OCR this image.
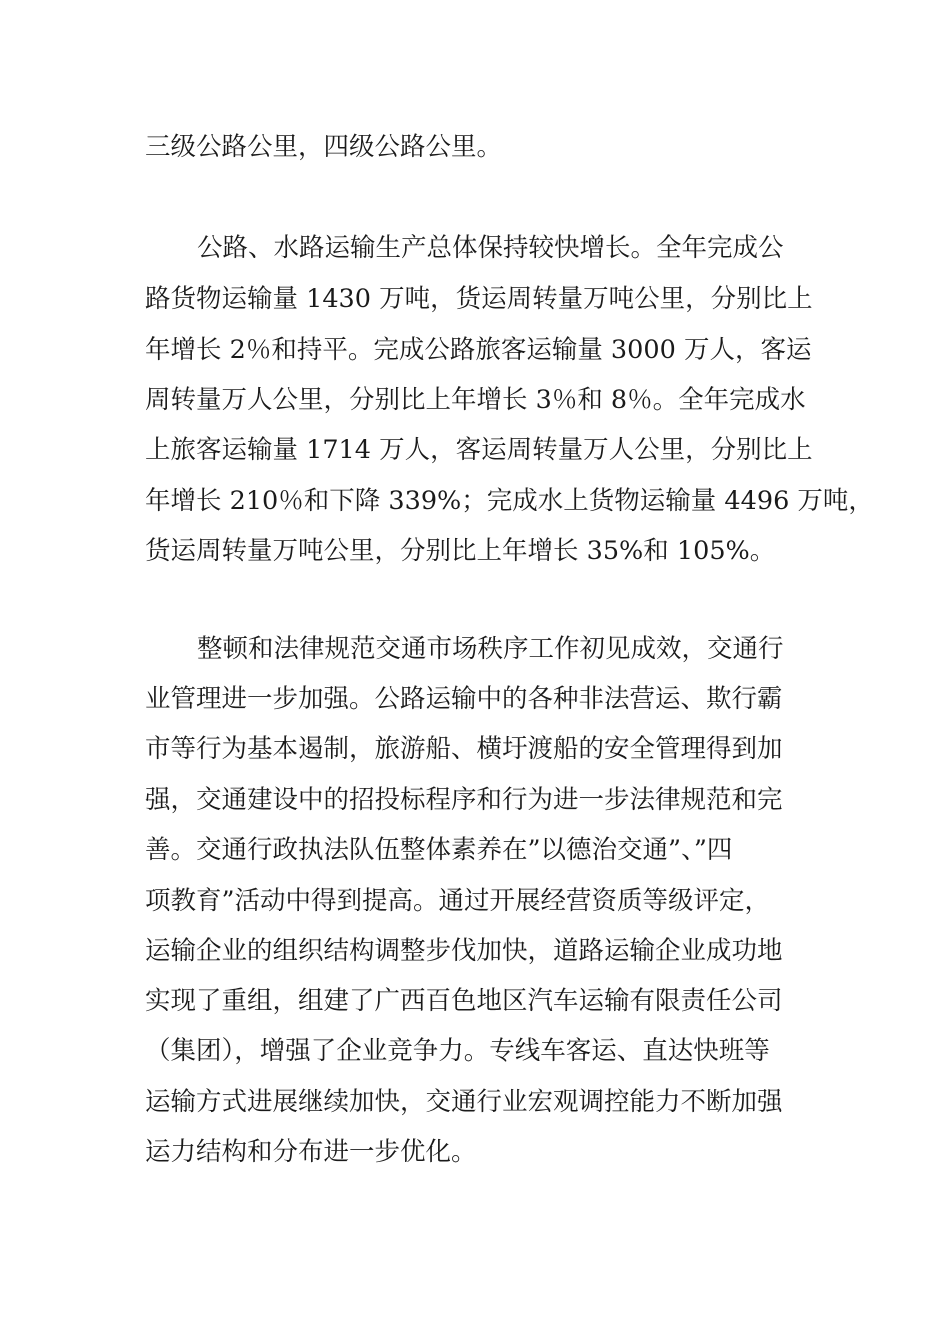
三级公路公里，四级公路公里。

公路、水路运输生产总体保持较快增长。全年完成公

路货物运输量 1430 万吨，货运周转量万吨公里，分别比上

年增长 2％和持平。完成公路旅客运输量 3000 万人，客运

周转量万人公里，分别比上年增长 3％和 8％。全年完成水

上旅客运输量 1714 万人，客运周转量万人公里，分别比上

年增长 210％和下降 339%；完成水上货物运输量 4496 万吨，

货运周转量万吨公里，分别比上年增长 35%和 105%。

整顿和法律规范交通市场秩序工作初见成效，交通行

业管理进一步加强。公路运输中的各种非法营运、欺行霸

市等行为基本遏制，旅游船、横圩渡船的安全管理得到加

强，交通建设中的招投标程序和行为进一步法律规范和完

善。交通行政执法队伍整体素养在”以德治交通”、”四

项教育”活动中得到提高。通过开展经营资质等级评定，

运输企业的组织结构调整步伐加快，道路运输企业成功地

实现了重组，组建了广西百色地区汽车运输有限责任公司

（集团），增强了企业竞争力。专线车客运、直达快班等

运输方式进展继续加快，交通行业宏观调控能力不断加强

运力结构和分布进一步优化。
